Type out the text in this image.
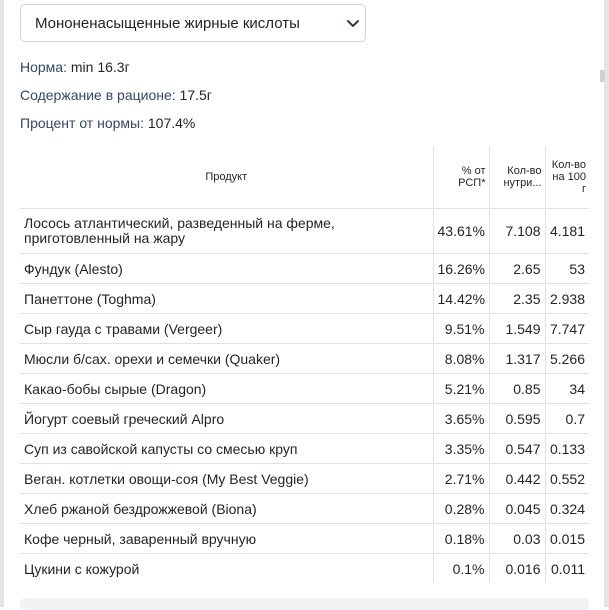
Мононенасыщенные жирные кислоты
Норма: min 16.3г
Содержание в рационе: 17.5г
Процент от нормы: 107.4%
Продукт	% от РСП*	Кол-во нутри...	Кол-во на 100 г
Лосось атлантический, разведенный на ферме, приготовленный на жару	43.61%	7.108	4.181
Фундук (Alesto)	16.26%	2.65	53
Панеттоне (Toghma)	14.42%	2.35	2.938
Сыр гауда с травами (Vergeer)	9.51%	1.549	7.747
Мюсли б/сах. орехи и семечки (Quaker)	8.08%	1.317	5.266
Какао-бобы сырые (Dragon)	5.21%	0.85	34
Йогурт соевый греческий Alpro	3.65%	0.595	0.7
Суп из савойской капусты со смесью круп	3.35%	0.547	0.133
Веган. котлетки овощи-соя (My Best Veggie)	2.71%	0.442	0.552
Хлеб ржаной бездрожжевой (Biona)	0.28%	0.045	0.324
Кофе черный, заваренный вручную	0.18%	0.03	0.015
Цукини с кожурой	0.1%	0.016	0.011
